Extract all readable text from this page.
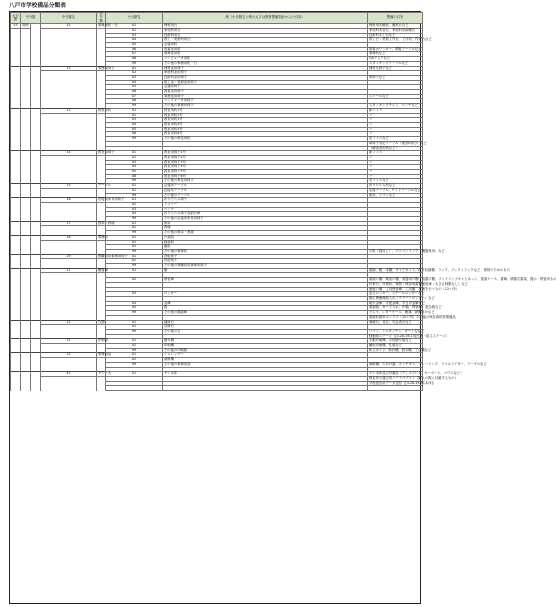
八戸市学校備品分類表
大分類	中分類		中分類名	小分類	小分類名	例（小分類名と例の太字は教材整備指針からの引用）	整備の目安	
53	管理		11	事務用机・台	01	理科用台	理科用実験机、観察台など	
					02	家庭科用台	家庭科実習台、家庭科用調理台	
					03	技術科用台	技術科木工台など	
					04	図工・美術科用台	図工台・美術工作台、工作机、作業台など	
					05	会議用机		
					06	図書室用机	図書カウンター、閲覧テーブルなど	
					07	事務室用机	事務机など	
					08	コンピュータ用机	OAデスクなど	
					99	その他の事務用机・台	スタッキングテーブルなど	
			12	事務用椅子	01	理科室用椅子	理科丸椅子など	
					02	家庭科室用椅子		
					03	技術科室用椅子	角椅子など	
					04	図工室・美術室用椅子		
					05	会議用椅子		
					06	図書室用椅子		
					07	事務室用椅子	スツールなど	
					08	コンピュータ用椅子		
					99	その他の事務用椅子	スタッキングチェア、ベンチなど	
			13	教室用机	01	教室用机1号	新ＪＩＳ	
					02	教室用机2号	〃	
					03	教室用机3号	〃	
					04	教室用机4号	〃	
					05	教室用机5号	〃	
					06	教室用机6号	〃	
					99	その他の教室用机	旧ＪＩＳなど	
							車椅子対応テーブル（施設K部分）など	
							（障害者用机など）	
			14	教室用椅子	01	教室用椅子1号	新ＪＩＳ	
					02	教室用椅子2号	〃	
					03	教室用椅子3号	〃	
					04	教室用椅子4号	〃	
					05	教室用椅子5号	〃	
					06	教室用椅子6号	〃	
					99	その他の教室用椅子	旧ＪＩＳなど	
			15	テーブル	01	会議用テーブル	折りたたみ机など	
					02	応接用テーブル	応接テーブル、サイドテーブルなど	
					99	その他のテーブル	座卓、ワゴンなど	
			16	応接用家具用椅子	01	折りたたみ椅子		
					02	ソファー		
					03	ベンチ		
					04	折りたたみ椅子収納台車		
					99	その他の応接用家具用椅子		
			17	教卓・教壇	01	教卓		
					02	教壇		
					99	その他の教卓・教壇		
			18	事務机	01	片袖机		
					02	両袖机		
					03	脇机		
					99	その他の事務机	平机（袖なし）、パソコンラック（機器専用）など	
			19	教職員用事務用椅子	01	回転椅子		
					02	肘掛椅子		
					99	その他の教職員用事務用椅子		
			21	棚書庫	01	棚	書類、靴、本棚、キャビネット、机下収納棚、ラック、ブックトラックなど　保管のためのもの	

					02	保管庫	書類戸棚、薬品戸棚、楽器用戸棚、食器戸棚、ファイリングキャビネット、図面ケース、書庫、移動式書架、掲示・保管用もの	
							作業台、作業机、保管・保存用書類保管庫（大きさ制限なし）など	
							薬液戸棚、工具保管庫、工具棚　管理を行うもの（12ヶ所）	
					03	ロッカー	更衣ロッカー、スチールロッカーなど	
							衛生関係備品入れ（クリーンロッカー）など	
					04	金庫	耐火金庫、手提金庫、手さげ金庫など	
					05	箱	書類箱、カード入れ、印箱、保管庫、救急箱など	
					99	その他の棚書庫	たんす、レターケース、帳簿、新聞掛けなど	
							書類収納用ボックス（12ヶ所）その他の保存資料管理備品	
			22	台類	01	講演台	演壇台、花台、司会者台など	
					02	昇降台		
					99	その他の台	ワゴン、ミニキッチン、カート台など	
							移動組ステージ（[3-20-19-15]台類・組立ステージ）	
			31	印刷類	01	謄写機	手動印刷機、学校謄写版など	
					02	印刷機	輪転印刷機、孔版など	
					99	その他の印刷類	和文タイプ、紙折機、製本機、丁合機など	
			32	事務用品	01	シュレッダー		
					02	裁断機		
					99	その他の事務用品	裁断機、穴あけ器、ホッチキス、ナンバリング、ラベルライター、ワープロなど	

			41	ＰＣ一式	01	ＰＣ本体	ＰＣ本体及び付属品（ディスプレイ、キーボード、マウスなど）	
							教室持ち運び用ノートパソコン（購入の際に付属するもの）	
							学校提出用データ送信（[3-20-19-PC本体]）	
